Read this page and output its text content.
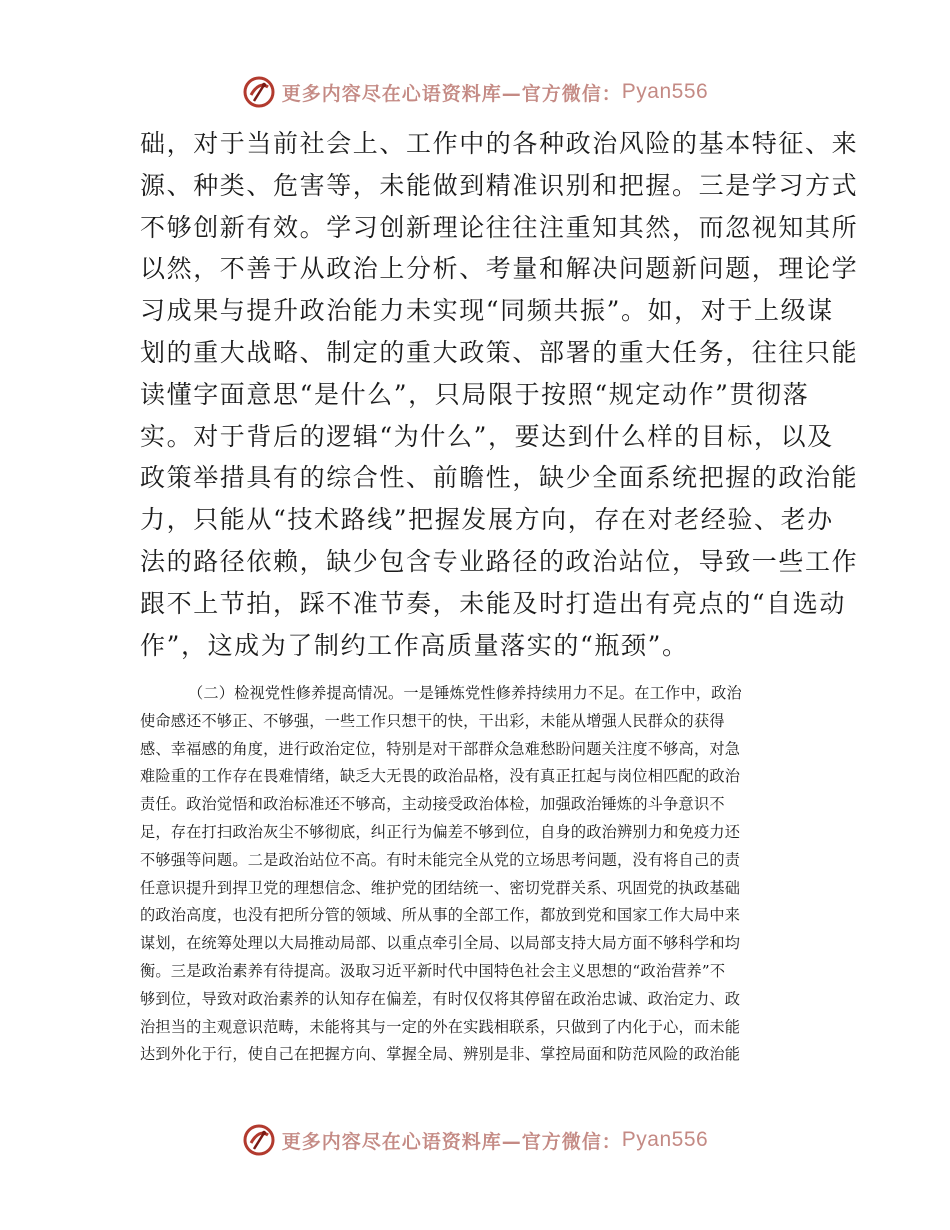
更多内容尽在心语资料库—官方微信： Pyan556
础，对于当前社会上、工作中的各种政治风险的基本特征、来
源、种类、危害等，未能做到精准识别和把握。三是学习方式
不够创新有效。学习创新理论往往注重知其然，而忽视知其所
以然，不善于从政治上分析、考量和解决问题新问题，理论学
习成果与提升政治能力未实现“同频共振”。如，对于上级谋
划的重大战略、制定的重大政策、部署的重大任务，往往只能
读懂字面意思“是什么”，只局限于按照“规定动作”贯彻落
实。对于背后的逻辑“为什么”，要达到什么样的目标，以及
政策举措具有的综合性、前瞻性，缺少全面系统把握的政治能
力，只能从“技术路线”把握发展方向，存在对老经验、老办
法的路径依赖，缺少包含专业路径的政治站位，导致一些工作
跟不上节拍，踩不准节奏，未能及时打造出有亮点的“自选动
作”，这成为了制约工作高质量落实的“瓶颈”。
（二）检视党性修养提高情况。一是锤炼党性修养持续用力不足。在工作中，政治
使命感还不够正、不够强，一些工作只想干的快，干出彩，未能从增强人民群众的获得
感、幸福感的角度，进行政治定位，特别是对干部群众急难愁盼问题关注度不够高，对急
难险重的工作存在畏难情绪，缺乏大无畏的政治品格，没有真正扛起与岗位相匹配的政治
责任。政治觉悟和政治标准还不够高，主动接受政治体检，加强政治锤炼的斗争意识不
足，存在打扫政治灰尘不够彻底，纠正行为偏差不够到位，自身的政治辨别力和免疫力还
不够强等问题。二是政治站位不高。有时未能完全从党的立场思考问题，没有将自己的责
任意识提升到捍卫党的理想信念、维护党的团结统一、密切党群关系、巩固党的执政基础
的政治高度，也没有把所分管的领域、所从事的全部工作，都放到党和国家工作大局中来
谋划，在统筹处理以大局推动局部、以重点牵引全局、以局部支持大局方面不够科学和均
衡。三是政治素养有待提高。汲取习近平新时代中国特色社会主义思想的“政治营养”不
够到位，导致对政治素养的认知存在偏差，有时仅仅将其停留在政治忠诚、政治定力、政
治担当的主观意识范畴，未能将其与一定的外在实践相联系，只做到了内化于心，而未能
达到外化于行，使自己在把握方向、掌握全局、辨别是非、掌控局面和防范风险的政治能
更多内容尽在心语资料库—官方微信： Pyan556
